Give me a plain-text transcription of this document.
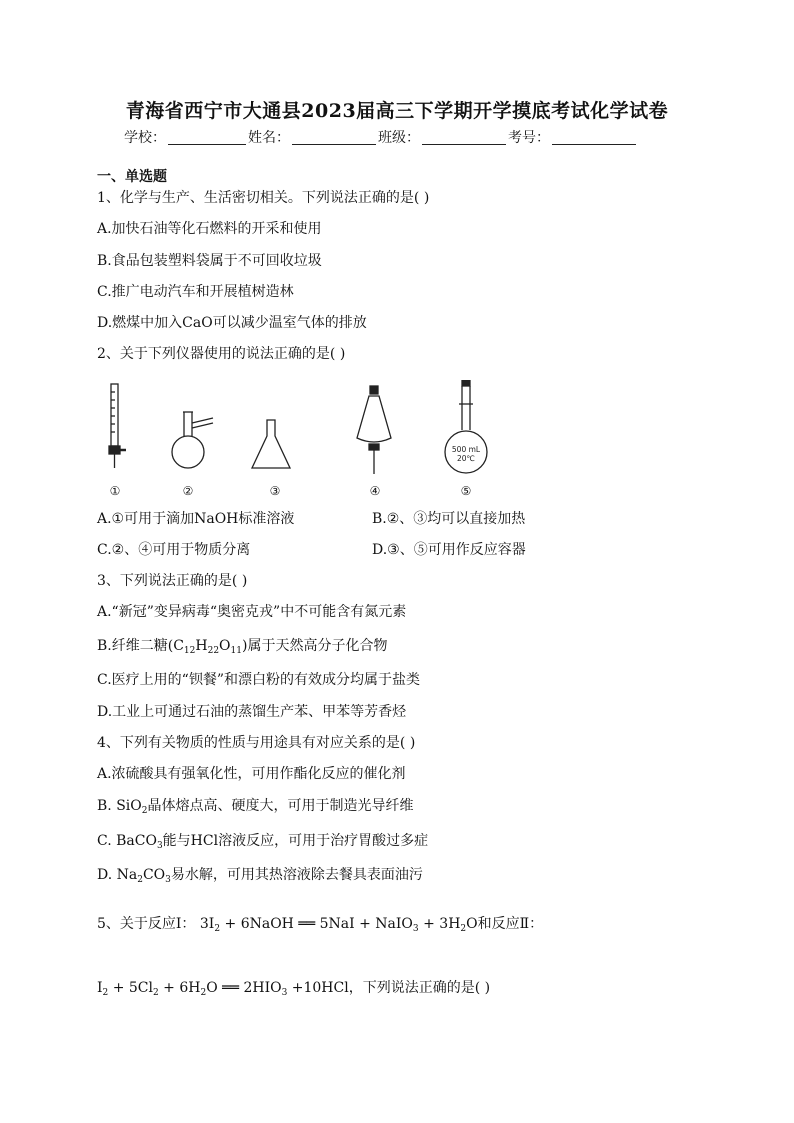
青海省西宁市大通县2023届高三下学期开学摸底考试化学试卷
学校：	姓名：	班级：	考号：
一、单选题
1、化学与生产、生活密切相关。下列说法正确的是( )
A.加快石油等化石燃料的开采和使用
B.食品包装塑料袋属于不可回收垃圾
C.推广电动汽车和开展植树造林
D.燃煤中加入CaO可以减少温室气体的排放
2、关于下列仪器使用的说法正确的是( )
500 mL
20℃
①	②	③	④	⑤
A.①可用于滴加NaOH标准溶液	B.②、③均可以直接加热
C.②、④可用于物质分离	D.③、⑤可用作反应容器
3、下列说法正确的是( )
A.“新冠”变异病毒“奥密克戎”中不可能含有氮元素
B.纤维二糖$(C_{12}H_{22}O_{11})$属于天然高分子化合物
C.医疗上用的“钡餐”和漂白粉的有效成分均属于盐类
D.工业上可通过石油的蒸馏生产苯、甲苯等芳香烃
4、下列有关物质的性质与用途具有对应关系的是( )
A.浓硫酸具有强氧化性，可用作酯化反应的催化剂
B. SiO$_2$晶体熔点高、硬度大，可用于制造光导纤维
C. BaCO$_3$能与HCl溶液反应，可用于治疗胃酸过多症
D. $Na_2CO_3$易水解，可用其热溶液除去餐具表面油污
5、关于反应Ⅰ： $3I_2$ + 6NaOH ══ 5NaI + NaIO$_3$ + $3H_2O$和反应Ⅱ：
$I_2 + 5Cl_2 + 6H_2O$ ══ $2HIO_3 +10HCl$，下列说法正确的是( )
